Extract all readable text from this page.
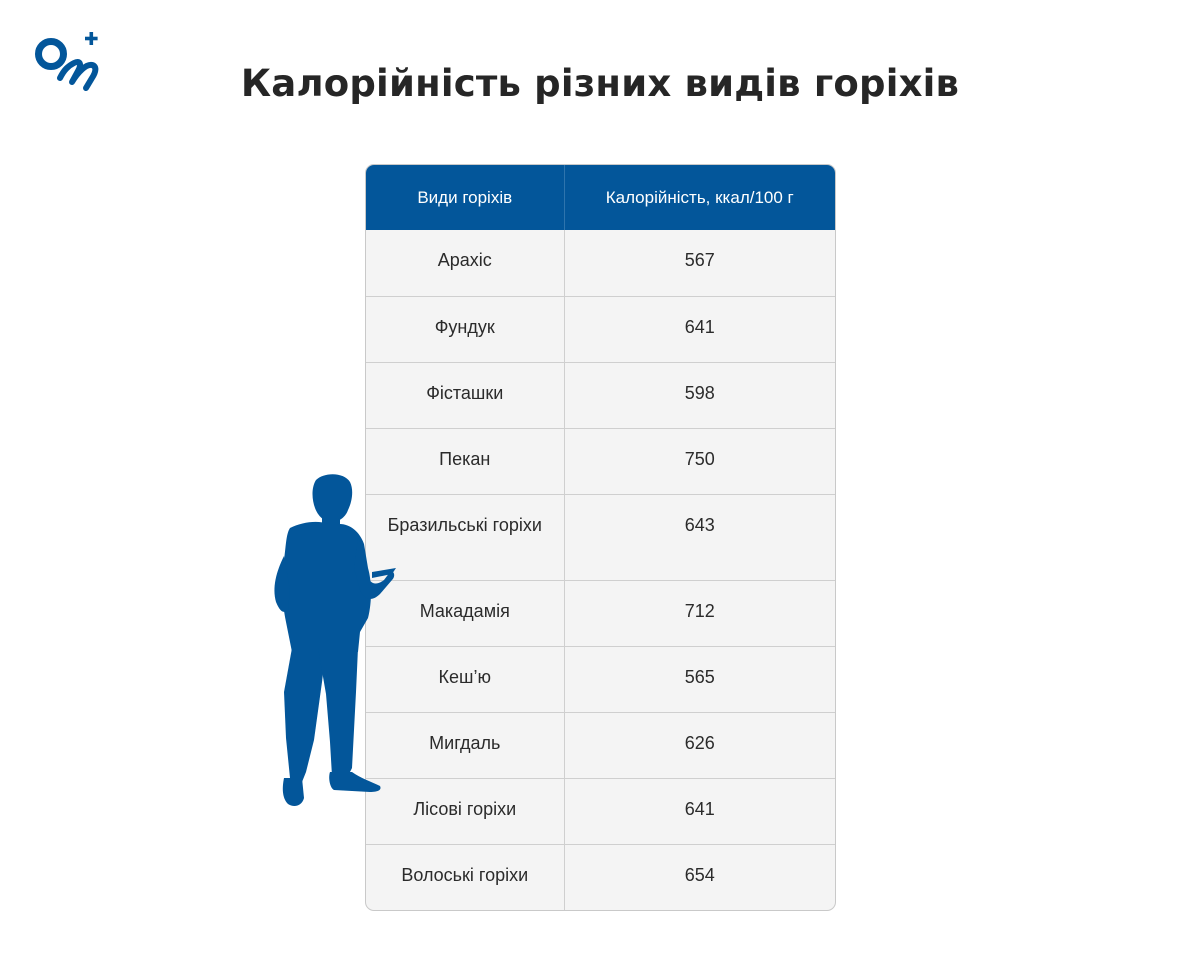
Калорійність різних видів горіхів
Види горіхів	Калорійність, ккал/100 г
Арахіс	567
Фундук	641
Фісташки	598
Пекан	750
Бразильські горіхи	643
Макадамія	712
Кеш’ю	565
Мигдаль	626
Лісові горіхи	641
Волоські горіхи	654
